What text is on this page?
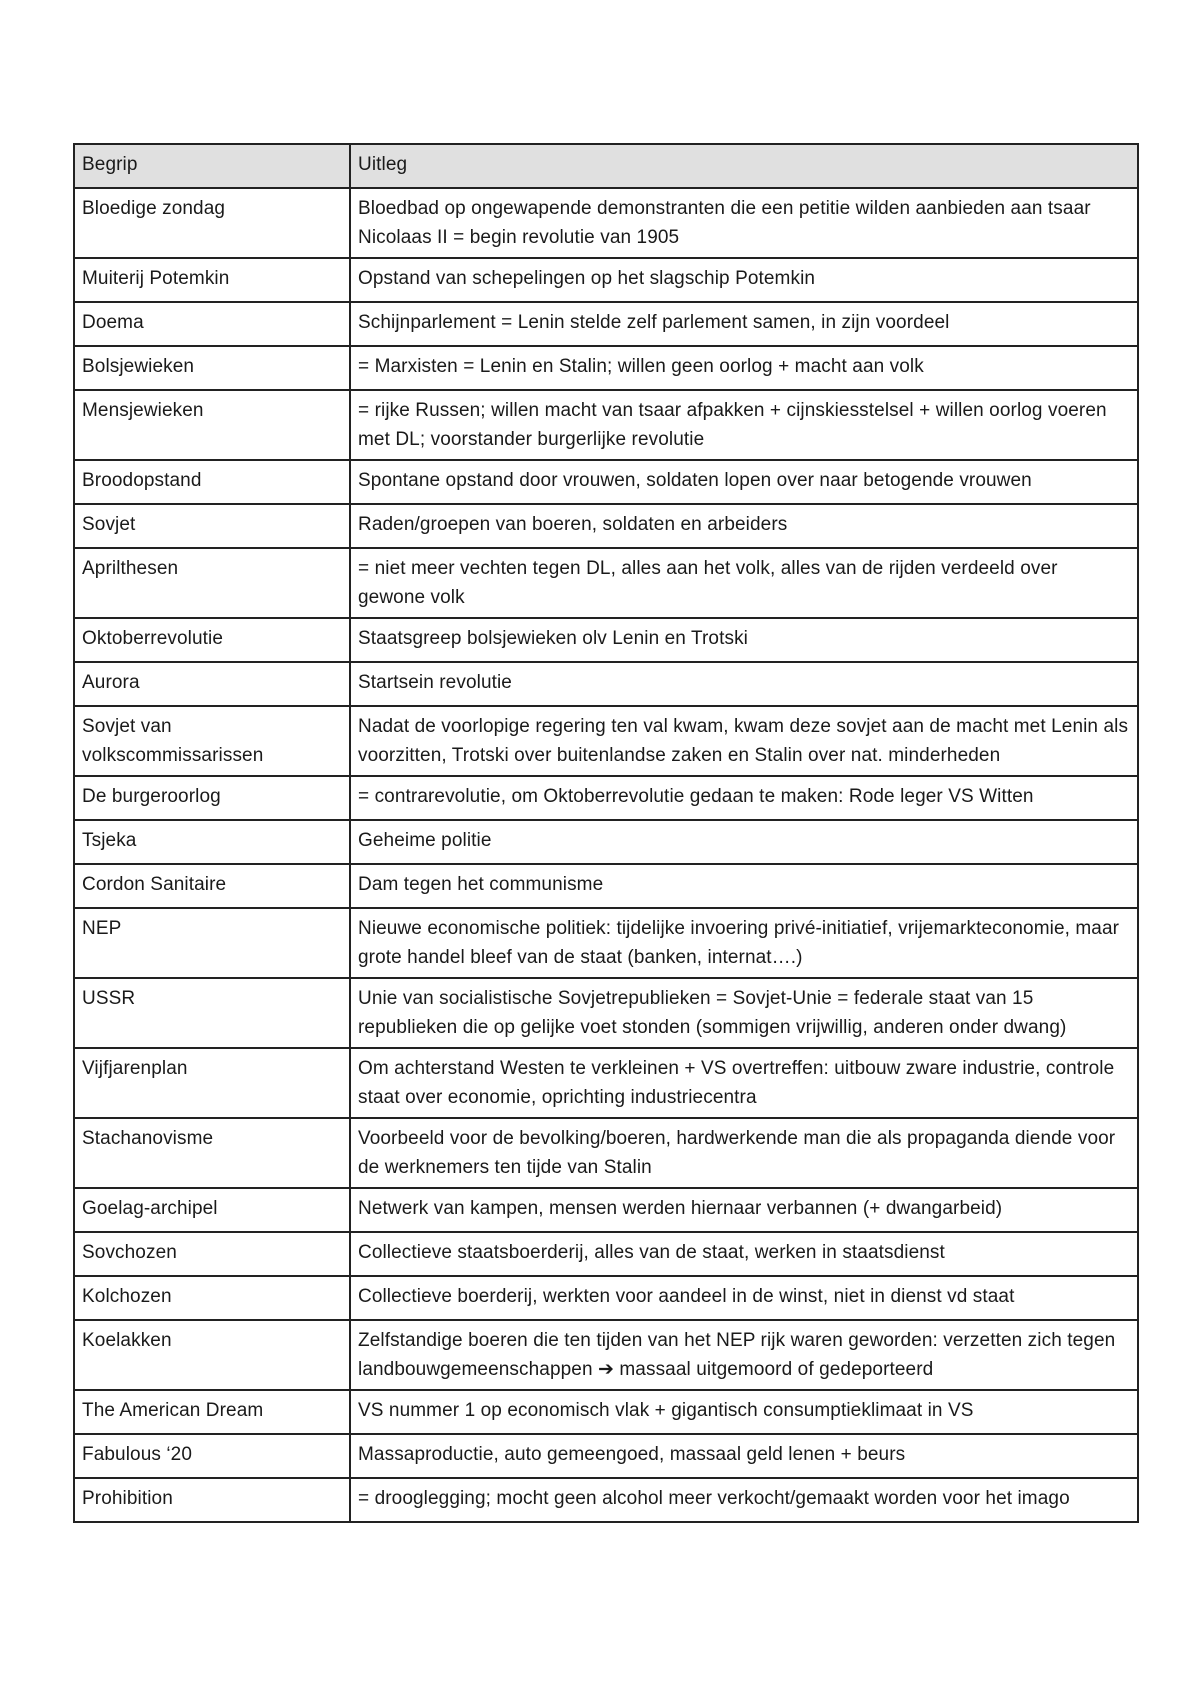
Begrip	Uitleg
Bloedige zondag	Bloedbad op ongewapende demonstranten die een petitie wilden aanbieden aan tsaar Nicolaas II = begin revolutie van 1905
Muiterij Potemkin	Opstand van schepelingen op het slagschip Potemkin
Doema	Schijnparlement = Lenin stelde zelf parlement samen, in zijn voordeel
Bolsjewieken	= Marxisten = Lenin en Stalin; willen geen oorlog + macht aan volk
Mensjewieken	= rijke Russen; willen macht van tsaar afpakken + cijnskiesstelsel + willen oorlog voeren met DL; voorstander burgerlijke revolutie
Broodopstand	Spontane opstand door vrouwen, soldaten lopen over naar betogende vrouwen
Sovjet	Raden/groepen van boeren, soldaten en arbeiders
Aprilthesen	= niet meer vechten tegen DL, alles aan het volk, alles van de rijden verdeeld over gewone volk
Oktoberrevolutie	Staatsgreep bolsjewieken olv Lenin en Trotski
Aurora	Startsein revolutie
Sovjet van volkscommissarissen	Nadat de voorlopige regering ten val kwam, kwam deze sovjet aan de macht met Lenin als voorzitten, Trotski over buitenlandse zaken en Stalin over nat. minderheden
De burgeroorlog	= contrarevolutie, om Oktoberrevolutie gedaan te maken: Rode leger VS Witten
Tsjeka	Geheime politie
Cordon Sanitaire	Dam tegen het communisme
NEP	Nieuwe economische politiek: tijdelijke invoering privé-initiatief, vrijemarkteconomie, maar grote handel bleef van de staat (banken, internat….)
USSR	Unie van socialistische Sovjetrepublieken = Sovjet-Unie = federale staat van 15 republieken die op gelijke voet stonden (sommigen vrijwillig, anderen onder dwang)
Vijfjarenplan	Om achterstand Westen te verkleinen + VS overtreffen: uitbouw zware industrie, controle staat over economie, oprichting industriecentra
Stachanovisme	Voorbeeld voor de bevolking/boeren, hardwerkende man die als propaganda diende voor de werknemers ten tijde van Stalin
Goelag-archipel	Netwerk van kampen, mensen werden hiernaar verbannen (+ dwangarbeid)
Sovchozen	Collectieve staatsboerderij, alles van de staat, werken in staatsdienst
Kolchozen	Collectieve boerderij, werkten voor aandeel in de winst, niet in dienst vd staat
Koelakken	Zelfstandige boeren die ten tijden van het NEP rijk waren geworden: verzetten zich tegen landbouwgemeenschappen ➔ massaal uitgemoord of gedeporteerd
The American Dream	VS nummer 1 op economisch vlak + gigantisch consumptieklimaat in VS
Fabulous ‘20	Massaproductie, auto gemeengoed, massaal geld lenen + beurs
Prohibition	= drooglegging; mocht geen alcohol meer verkocht/gemaakt worden voor het imago
